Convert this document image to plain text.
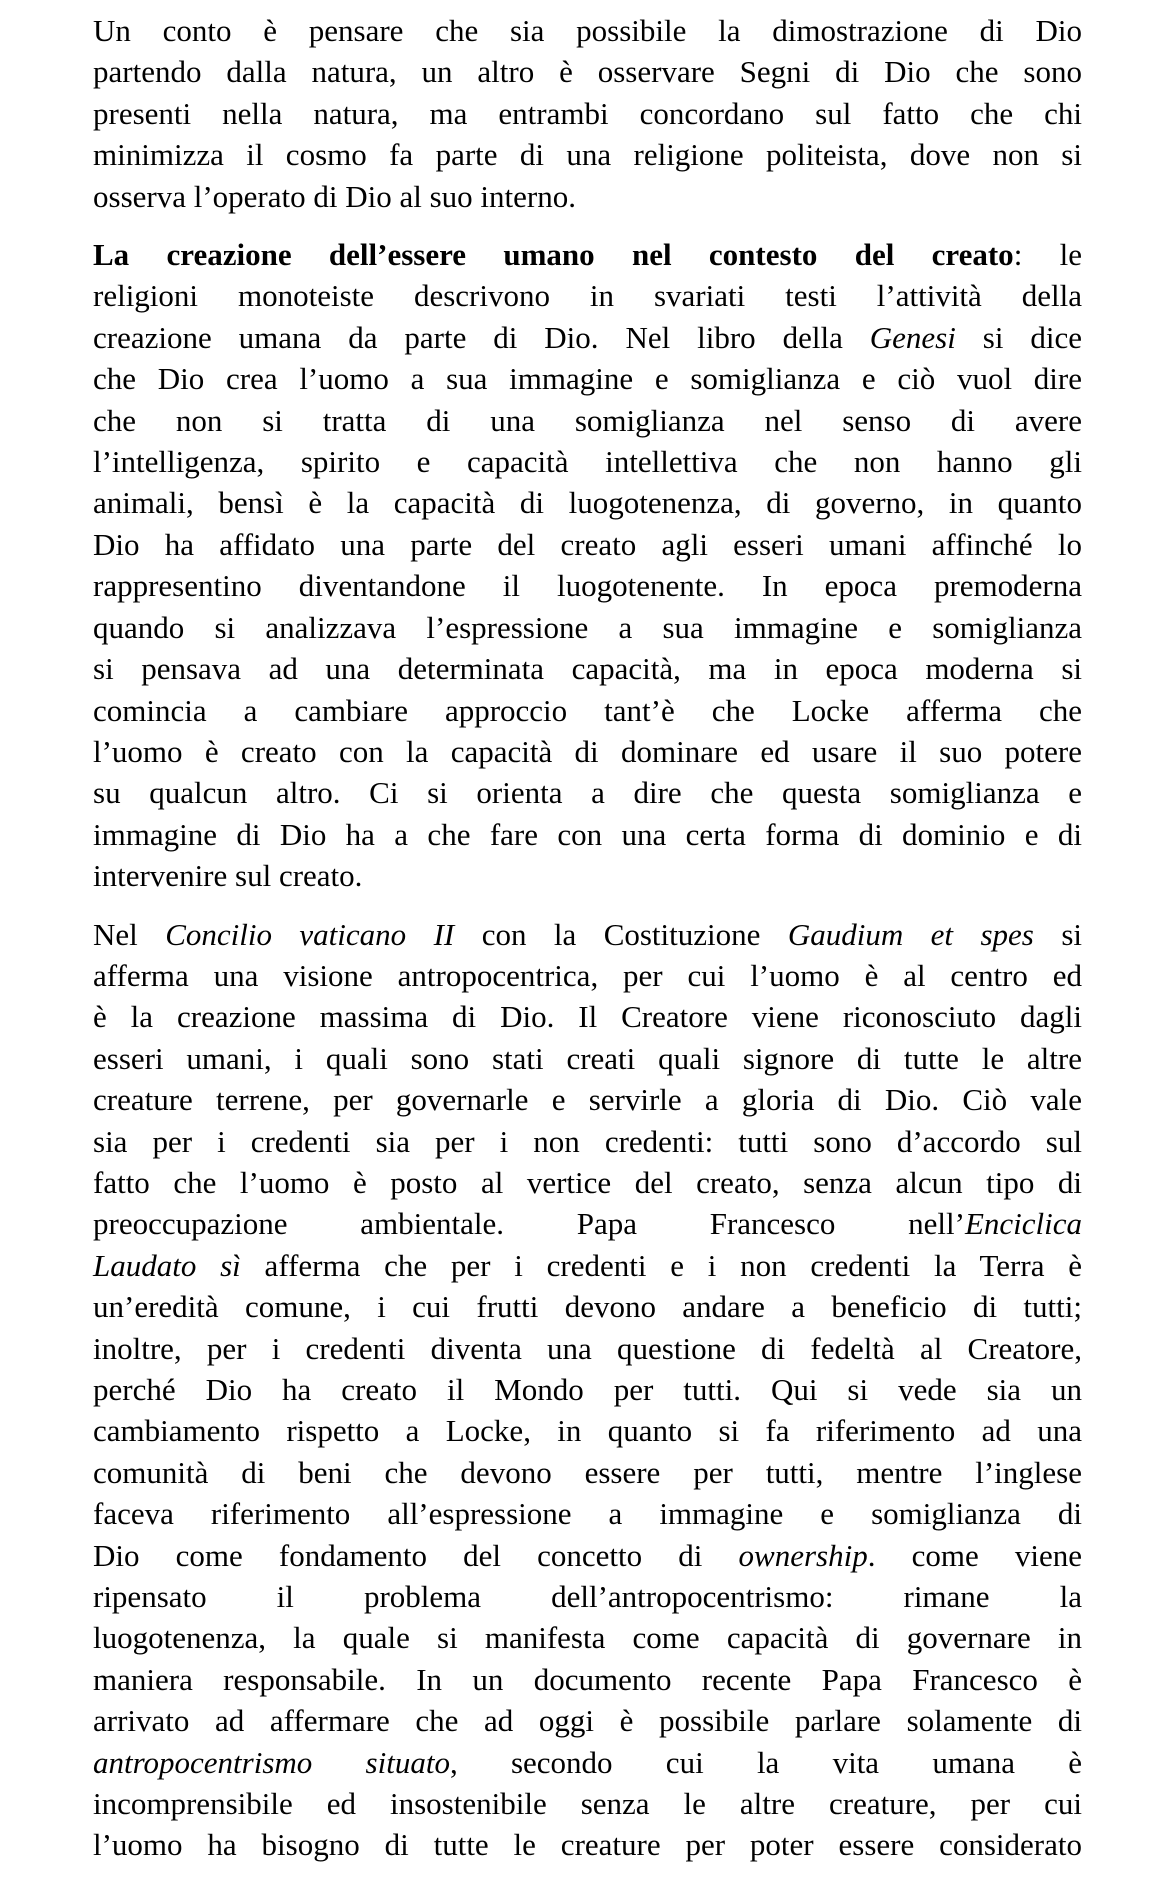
Un conto è pensare che sia possibile la dimostrazione di Dio
partendo dalla natura, un altro è osservare Segni di Dio che sono
presenti nella natura, ma entrambi concordano sul fatto che chi
minimizza il cosmo fa parte di una religione politeista, dove non si
osserva l’operato di Dio al suo interno.
La creazione dell’essere umano nel contesto del creato: le
religioni monoteiste descrivono in svariati testi l’attività della
creazione umana da parte di Dio. Nel libro della Genesi si dice
che Dio crea l’uomo a sua immagine e somiglianza e ciò vuol dire
che non si tratta di una somiglianza nel senso di avere
l’intelligenza, spirito e capacità intellettiva che non hanno gli
animali, bensì è la capacità di luogotenenza, di governo, in quanto
Dio ha affidato una parte del creato agli esseri umani affinché lo
rappresentino diventandone il luogotenente. In epoca premoderna
quando si analizzava l’espressione a sua immagine e somiglianza
si pensava ad una determinata capacità, ma in epoca moderna si
comincia a cambiare approccio tant’è che Locke afferma che
l’uomo è creato con la capacità di dominare ed usare il suo potere
su qualcun altro. Ci si orienta a dire che questa somiglianza e
immagine di Dio ha a che fare con una certa forma di dominio e di
intervenire sul creato.
Nel Concilio vaticano II con la Costituzione Gaudium et spes si
afferma una visione antropocentrica, per cui l’uomo è al centro ed
è la creazione massima di Dio. Il Creatore viene riconosciuto dagli
esseri umani, i quali sono stati creati quali signore di tutte le altre
creature terrene, per governarle e servirle a gloria di Dio. Ciò vale
sia per i credenti sia per i non credenti: tutti sono d’accordo sul
fatto che l’uomo è posto al vertice del creato, senza alcun tipo di
preoccupazione ambientale. Papa Francesco nell’Enciclica
Laudato sì afferma che per i credenti e i non credenti la Terra è
un’eredità comune, i cui frutti devono andare a beneficio di tutti;
inoltre, per i credenti diventa una questione di fedeltà al Creatore,
perché Dio ha creato il Mondo per tutti. Qui si vede sia un
cambiamento rispetto a Locke, in quanto si fa riferimento ad una
comunità di beni che devono essere per tutti, mentre l’inglese
faceva riferimento all’espressione a immagine e somiglianza di
Dio come fondamento del concetto di ownership. come viene
ripensato il problema dell’antropocentrismo: rimane la
luogotenenza, la quale si manifesta come capacità di governare in
maniera responsabile. In un documento recente Papa Francesco è
arrivato ad affermare che ad oggi è possibile parlare solamente di
antropocentrismo situato, secondo cui la vita umana è
incomprensibile ed insostenibile senza le altre creature, per cui
l’uomo ha bisogno di tutte le creature per poter essere considerato
